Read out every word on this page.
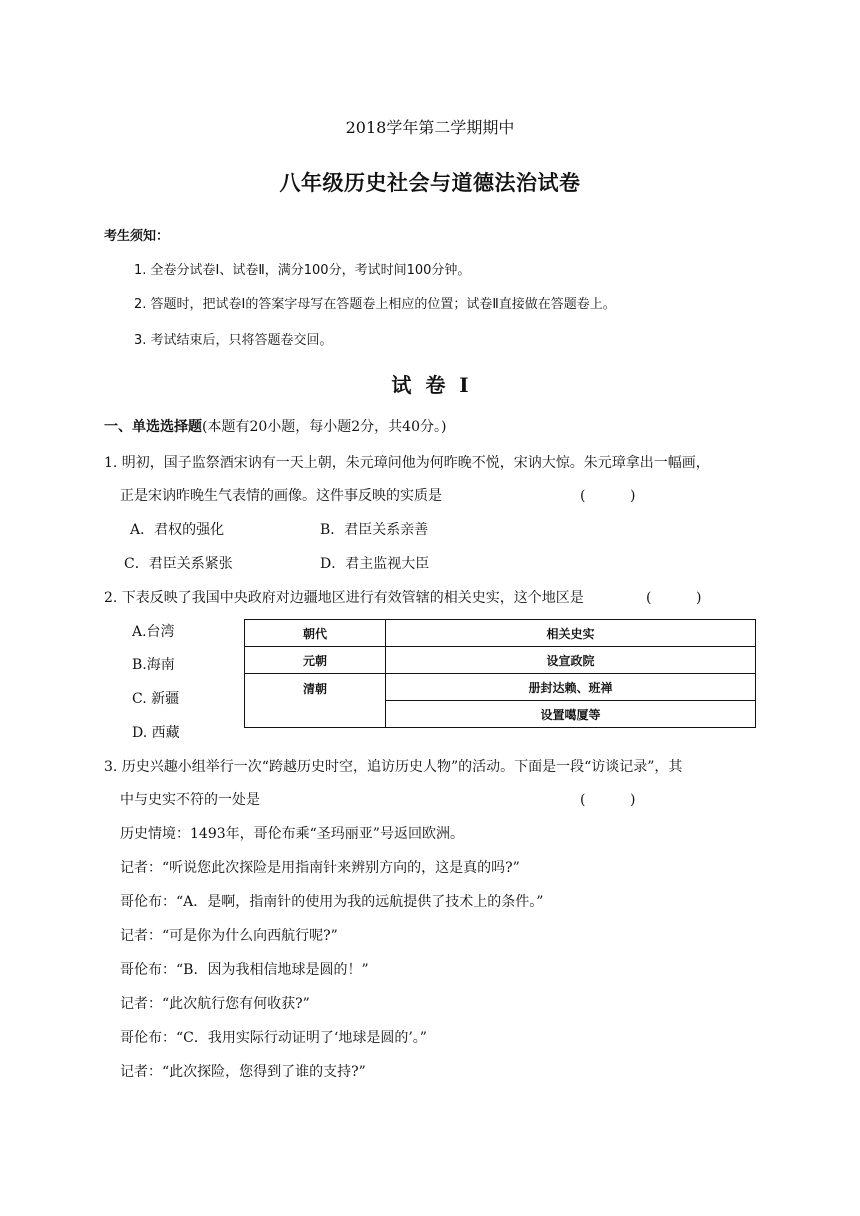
2018学年第二学期期中
八年级历史社会与道德法治试卷
考生须知：
1. 全卷分试卷Ⅰ、试卷Ⅱ，满分100分，考试时间100分钟。
2. 答题时，把试卷Ⅰ的答案字母写在答题卷上相应的位置；试卷Ⅱ直接做在答题卷上。
3. 考试结束后，只将答题卷交回。
试  卷  Ⅰ
一、单选选择题(本题有20小题，每小题2分，共40分。)
1. 明初，国子监祭酒宋讷有一天上朝，朱元璋问他为何昨晚不悦，宋讷大惊。朱元璋拿出一幅画，
正是宋讷昨晚生气表情的画像。这件事反映的实质是	(          )
A．君权的强化	B．君臣关系亲善
C．君臣关系紧张	D．君主监视大臣
2. 下表反映了我国中央政府对边疆地区进行有效管辖的相关史实，这个地区是	(          )
A.台湾
B.海南
C. 新疆
D. 西藏
朝代	相关史实
元朝	设宣政院
清朝	册封达赖、班禅
	设置噶厦等
3. 历史兴趣小组举行一次“跨越历史时空，追访历史人物”的活动。下面是一段“访谈记录”，其
中与史实不符的一处是	(          )
历史情境：1493年，哥伦布乘“圣玛丽亚”号返回欧洲。
记者：“听说您此次探险是用指南针来辨别方向的，这是真的吗?”
哥伦布：“A．是啊，指南针的使用为我的远航提供了技术上的条件。”
记者：“可是你为什么向西航行呢?”
哥伦布：“B．因为我相信地球是圆的！”
记者：“此次航行您有何收获?”
哥伦布：“C．我用实际行动证明了‘地球是圆的’。”
记者：“此次探险，您得到了谁的支持?”
